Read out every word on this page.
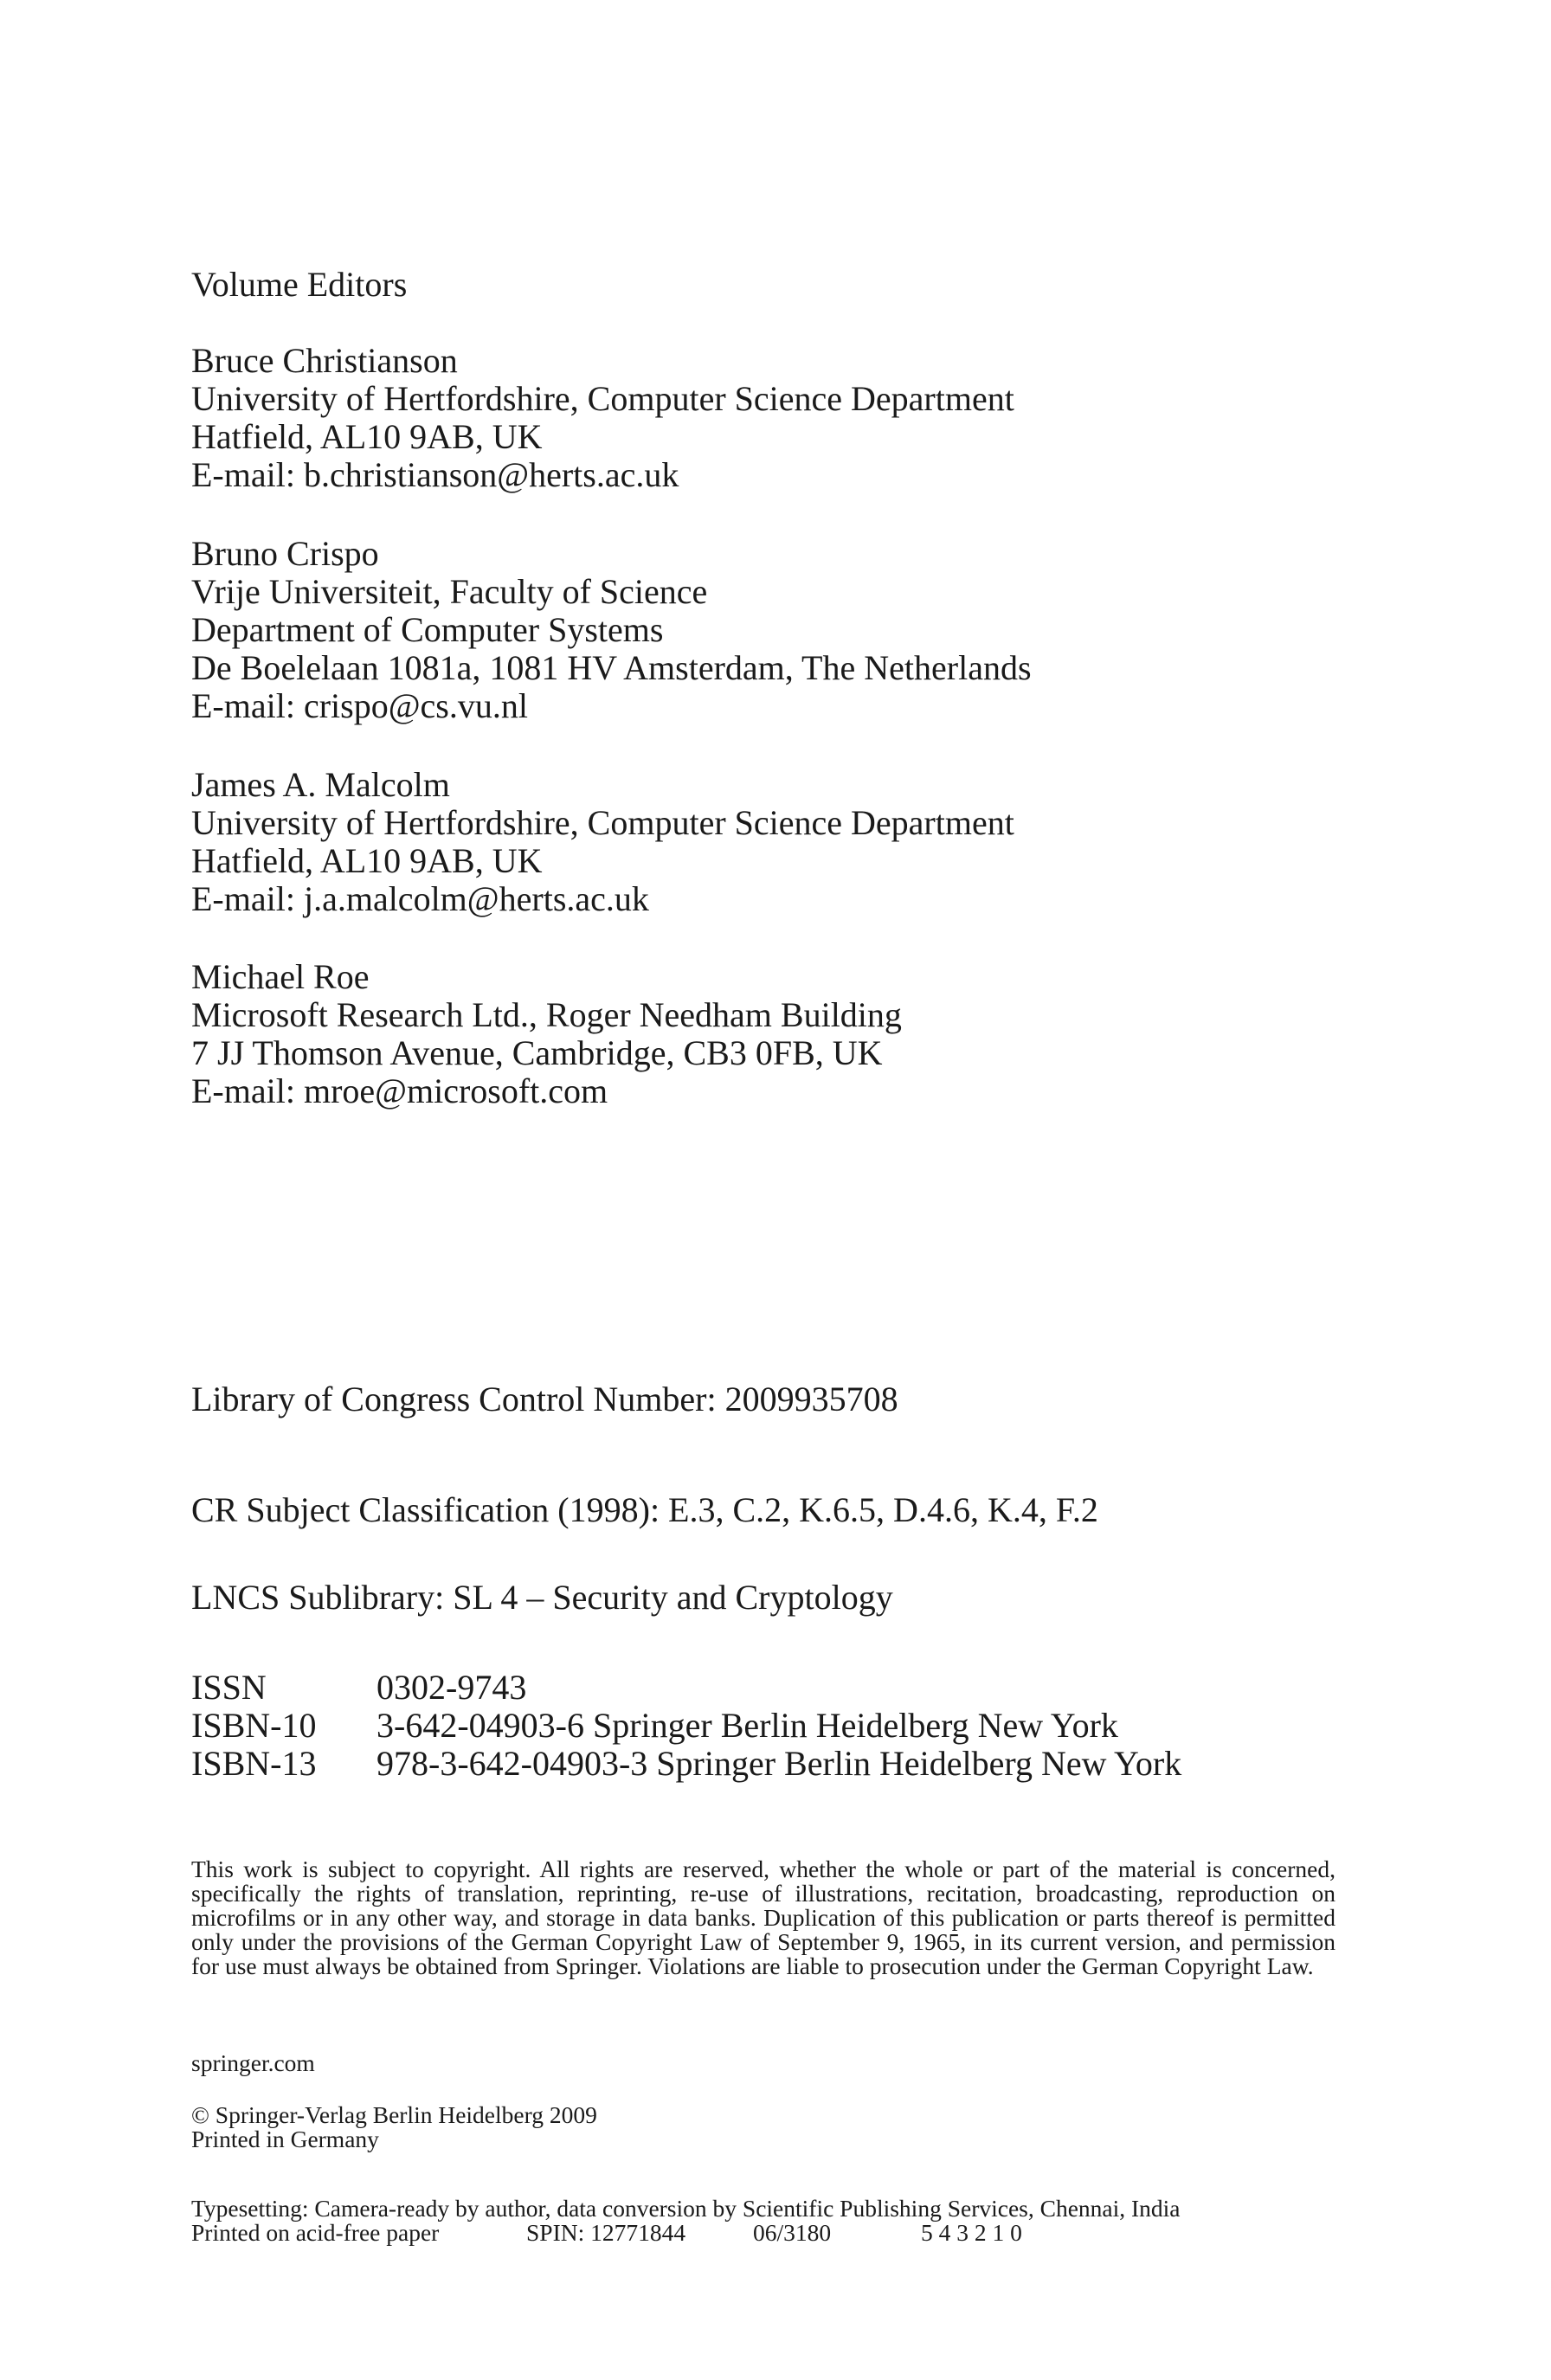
Volume Editors
Bruce Christianson
University of Hertfordshire, Computer Science Department
Hatfield, AL10 9AB, UK
E-mail: b.christianson@herts.ac.uk
Bruno Crispo
Vrije Universiteit, Faculty of Science
Department of Computer Systems
De Boelelaan 1081a, 1081 HV Amsterdam, The Netherlands
E-mail: crispo@cs.vu.nl
James A. Malcolm
University of Hertfordshire, Computer Science Department
Hatfield, AL10 9AB, UK
E-mail: j.a.malcolm@herts.ac.uk
Michael Roe
Microsoft Research Ltd., Roger Needham Building
7 JJ Thomson Avenue, Cambridge, CB3 0FB, UK
E-mail: mroe@microsoft.com
Library of Congress Control Number: 2009935708
CR Subject Classification (1998): E.3, C.2, K.6.5, D.4.6, K.4, F.2
LNCS Sublibrary: SL 4 – Security and Cryptology
ISSN	0302-9743
ISBN-10	3-642-04903-6 Springer Berlin Heidelberg New York
ISBN-13	978-3-642-04903-3 Springer Berlin Heidelberg New York
This work is subject to copyright. All rights are reserved, whether the whole or part of the material is concerned, specifically the rights of translation, reprinting, re-use of illustrations, recitation, broadcasting, reproduction on microfilms or in any other way, and storage in data banks. Duplication of this publication or parts thereof is permitted only under the provisions of the German Copyright Law of September 9, 1965, in its current version, and permission for use must always be obtained from Springer. Violations are liable to prosecution under the German Copyright Law.
springer.com
© Springer-Verlag Berlin Heidelberg 2009
Printed in Germany
Typesetting: Camera-ready by author, data conversion by Scientific Publishing Services, Chennai, India
Printed on acid-free paper	SPIN: 12771844	06/3180	5 4 3 2 1 0
